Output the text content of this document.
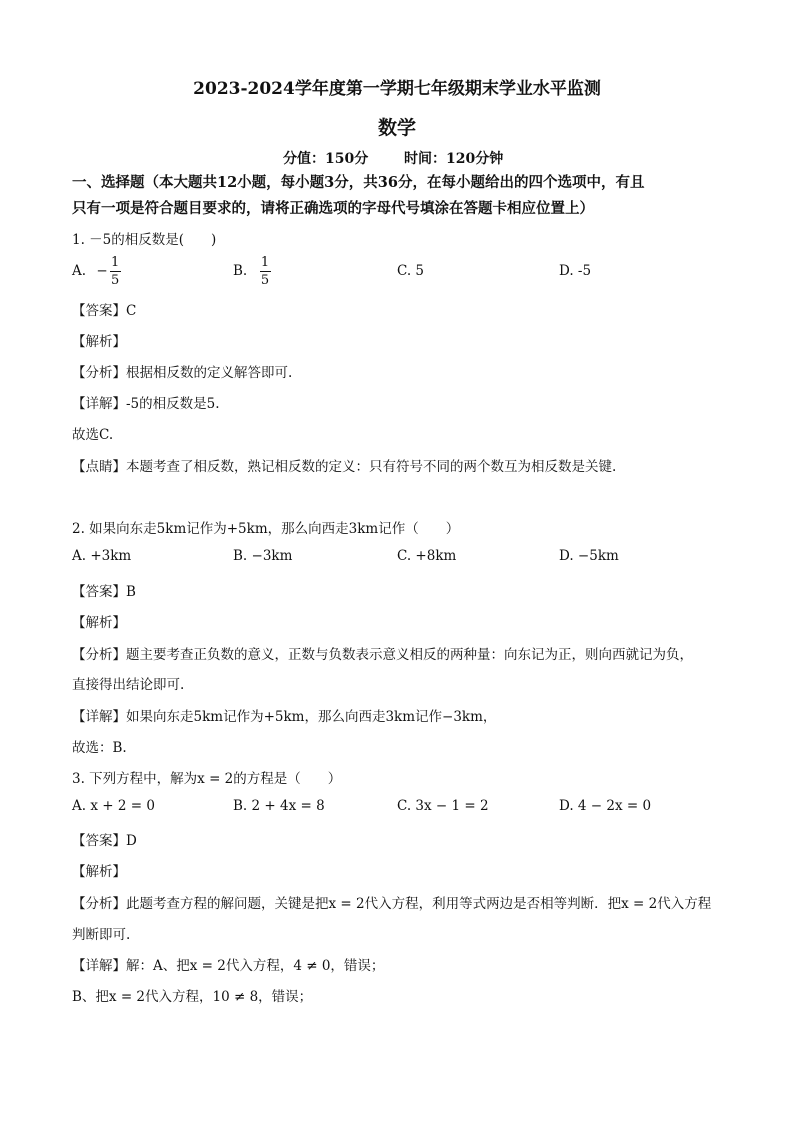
2023-2024学年度第一学期七年级期末学业水平监测
数学
分值：150分	时间：120分钟
一、选择题（本大题共12小题，每小题3分，共36分，在每小题给出的四个选项中，有且
只有一项是符合题目要求的，请将正确选项的字母代号填涂在答题卡相应位置上）
1. －5的相反数是(　　)
A. − $\frac{1}{5}$	B. $\frac{1}{5}$	C. 5	D. -5
【答案】C
【解析】
【分析】根据相反数的定义解答即可.
【详解】-5的相反数是5.
故选C.
【点睛】本题考查了相反数，熟记相反数的定义：只有符号不同的两个数互为相反数是关键.
2. 如果向东走5km记作为+5km，那么向西走3km记作（　　）
A. +3km	B. −3km	C. +8km	D. −5km
【答案】B
【解析】
【分析】题主要考查正负数的意义，正数与负数表示意义相反的两种量：向东记为正，则向西就记为负，
直接得出结论即可.
【详解】如果向东走5km记作为+5km，那么向西走3km记作−3km，
故选：B.
3. 下列方程中，解为x = 2的方程是（　　）
A. x + 2 = 0	B. 2 + 4x = 8	C. 3x − 1 = 2	D. 4 − 2x = 0
【答案】D
【解析】
【分析】此题考查方程的解问题，关键是把x = 2代入方程，利用等式两边是否相等判断．把x = 2代入方程
判断即可.
【详解】解：A、把x = 2代入方程，4 ≠ 0，错误；
B、把x = 2代入方程，10 ≠ 8，错误；
